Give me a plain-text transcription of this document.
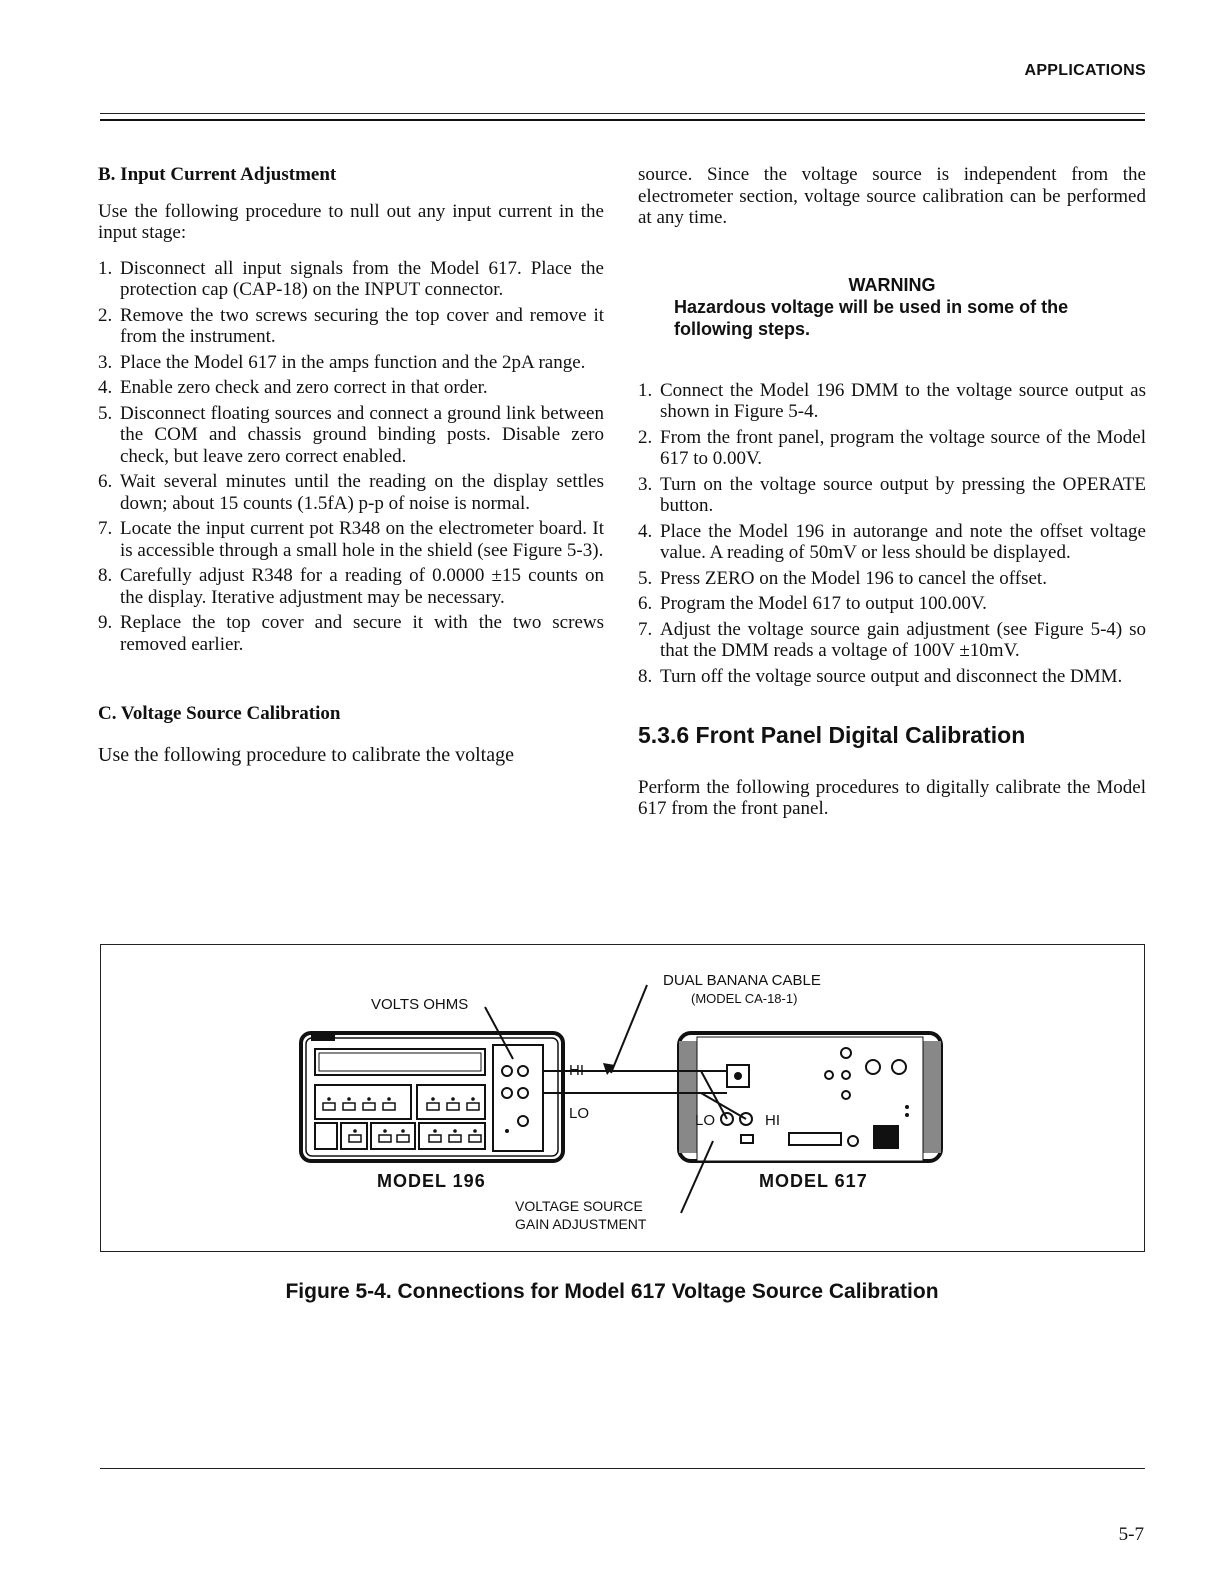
APPLICATIONS
B. Input Current Adjustment

Use the following procedure to null out any input current in the input stage:

1. Disconnect all input signals from the Model 617. Place the protection cap (CAP-18) on the INPUT connector.
2. Remove the two screws securing the top cover and remove it from the instrument.
3. Place the Model 617 in the amps function and the 2pA range.
4. Enable zero check and zero correct in that order.
5. Disconnect floating sources and connect a ground link between the COM and chassis ground binding posts. Disable zero check, but leave zero correct enabled.
6. Wait several minutes until the reading on the display settles down; about 15 counts (1.5fA) p-p of noise is normal.
7. Locate the input current pot R348 on the electrometer board. It is accessible through a small hole in the shield (see Figure 5-3).
8. Carefully adjust R348 for a reading of 0.0000 ±15 counts on the display. Iterative adjustment may be necessary.
9. Replace the top cover and secure it with the two screws removed earlier.
C. Voltage Source Calibration

Use the following procedure to calibrate the voltage

source. Since the voltage source is independent from the electrometer section, voltage source calibration can be performed at any time.

WARNING
Hazardous voltage will be used in some of the following steps.
1. Connect the Model 196 DMM to the voltage source output as shown in Figure 5-4.
2. From the front panel, program the voltage source of the Model 617 to 0.00V.
3. Turn on the voltage source output by pressing the OPERATE button.
4. Place the Model 196 in autorange and note the offset voltage value. A reading of 50mV or less should be displayed.
5. Press ZERO on the Model 196 to cancel the offset.
6. Program the Model 617 to output 100.00V.
7. Adjust the voltage source gain adjustment (see Figure 5-4) so that the DMM reads a voltage of 100V ±10mV.
8. Turn off the voltage source output and disconnect the DMM.
5.3.6 Front Panel Digital Calibration

Perform the following procedures to digitally calibrate the Model 617 from the front panel.

VOLTS OHMS
DUAL BANANA CABLE
(MODEL CA-18-1)
HI
LO	LO	HI
MODEL 196	MODEL 617
VOLTAGE SOURCE
GAIN ADJUSTMENT
Figure 5-4. Connections for Model 617 Voltage Source Calibration
5-7
